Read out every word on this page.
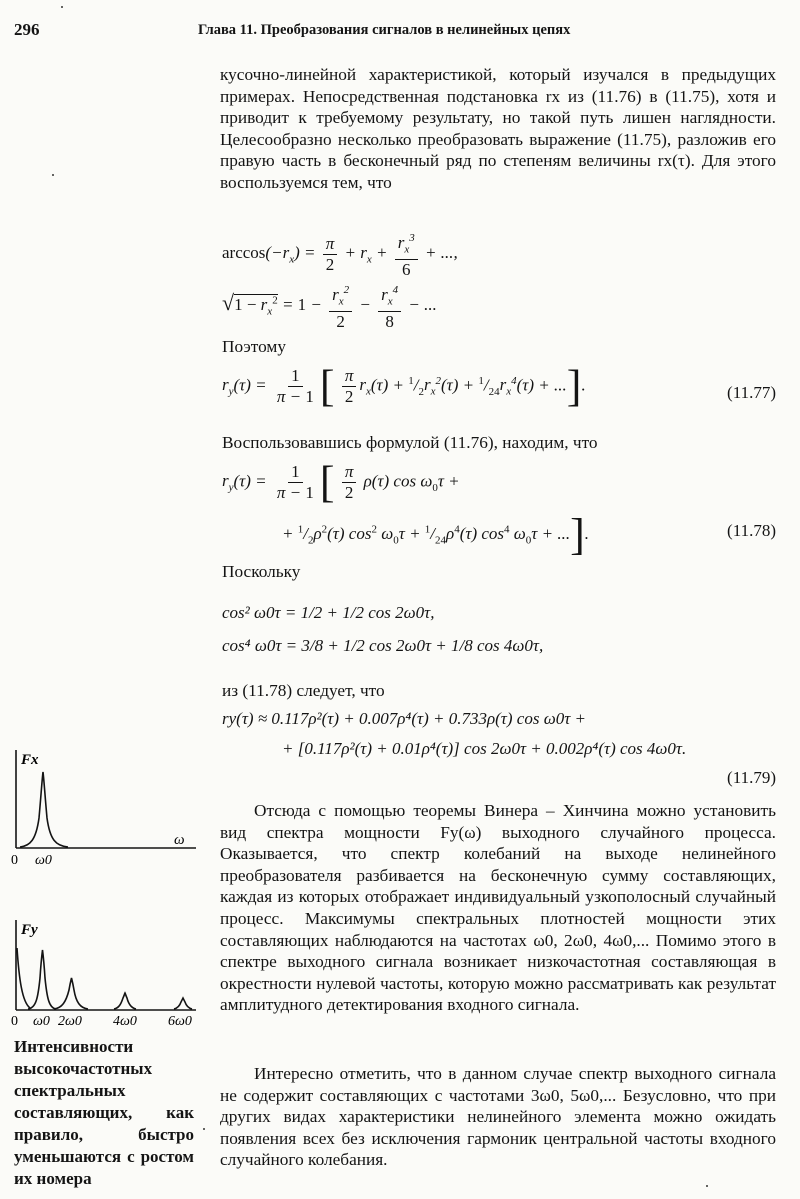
296	Глава 11. Преобразования сигналов в нелинейных цепях

кусочно-линейной характеристикой, который изучался в предыдущих примерах. Непосредственная подстановка rx из (11.76) в (11.75), хотя и приводит к требуемому результату, но такой путь лишен наглядности. Целесообразно несколько преобразовать выражение (11.75), разложив его правую часть в бесконечный ряд по степеням величины rx(τ). Для этого воспользуемся тем, что

$\arccos(-r_x) = \frac{\pi}{2} + r_x + \frac{r_x^3}{6}$ + ...,
$√1 - r_x^2 = 1 - \frac{r_x^2}{2} - \frac{r_x^4}{8}$ − ...
Поэтому
$r_y(\tau) = \frac{1}{\pi - 1}$ [ $\frac{\pi}{2} r_x(\tau) + ^1/_2r_x^2(\tau) + ^1/_{24}r_x^4(\tau)$ + ...].	(11.77)
Воспользовавшись формулой (11.76), находим, что
$r_y(\tau) = \frac{1}{\pi - 1}$ [ $\frac{\pi}{2} \rho(\tau)$ $\cos \omega_0\tau$ +
+ $^1/_2\rho^2(\tau)$ $\cos^2 \omega_0\tau + ^1/_{24}\rho^4(\tau)$ $\cos^4 \omega_0\tau$ + ...].	(11.78)
Поскольку
cos² ω0τ = 1/2 + 1/2 cos 2ω0τ,
cos⁴ ω0τ = 3/8 + 1/2 cos 2ω0τ + 1/8 cos 4ω0τ,
из (11.78) следует, что
ry(τ) ≈ 0.117ρ²(τ) + 0.007ρ⁴(τ) + 0.733ρ(τ) cos ω0τ +
+ [0.117ρ²(τ) + 0.01ρ⁴(τ)] cos 2ω0τ + 0.002ρ⁴(τ) cos 4ω0τ.
(11.79)

Отсюда с помощью теоремы Винера – Хинчина можно установить вид спектра мощности Fy(ω) выходного случайного процесса. Оказывается, что спектр колебаний на выходе нелинейного преобразователя разбивается на бесконечную сумму составляющих, каждая из которых отображает индивидуальный узкополосный случайный процесс. Максимумы спектральных плотностей мощности этих составляющих наблюдаются на частотах ω0, 2ω0, 4ω0,... Помимо этого в спектре выходного сигнала возникает низкочастотная составляющая в окрестности нулевой частоты, которую можно рассматривать как результат амплитудного детектирования входного сигнала.

Интересно отметить, что в данном случае спектр выходного сигнала не содержит составляющих с частотами 3ω0, 5ω0,... Безусловно, что при других видах характеристики нелинейного элемента можно ожидать появления всех без исключения гармоник центральной частоты входного случайного колебания.

Fx
ω
0 ω0
Fy
0 ω0 2ω0 4ω0 6ω0
Интенсивности высокочастотных спектральных составляющих, как правило, быстро уменьшаются с ростом их номера
